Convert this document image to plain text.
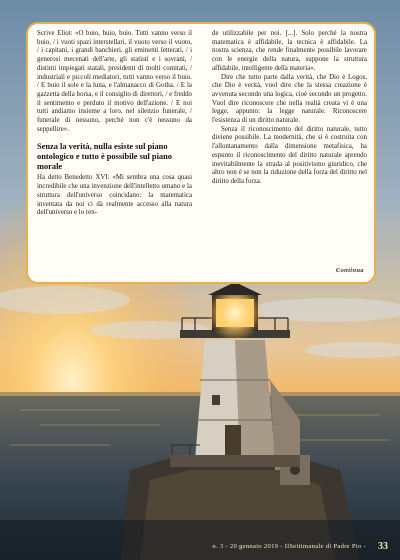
Scrive Eliot: «O buio, buio, buio. Tutti vanno verso il buio, / i vuoti spazi interstellari, il vuoto verso il vuoto, / i capitani, i grandi banchieri, gli eminenti letterati, / i generosi mecenati dell'arte, gli statisti e i sovrani, / distinti impiegati statali, presidenti di molti comitati, / industriali e piccoli mediatori, tutti vanno verso il buio. / E buio il sole e la luna, e l'almanacco di Gotha. / E la gazzetta della borsa, e il consiglio di direttori, / e freddo il sentimento e perduto il motivo dell'azione. / E noi tutti andiamo insieme a loro, nel silenzio funerale, / funerale di nessuno, perché non c'è nessuno da seppellire».

Senza la verità, nulla esiste sul piano ontologico e tutto è possibile sul piano morale

Ha detto Benedetto XVI: «Mi sembra una cosa quasi incredibile che una invenzione dell'intelletto umano e la struttura dell'universo coincidano: la matematica inventata da noi ci dà realmente accesso alla natura dell'universo e lo ren-

de utilizzabile per noi. [...]. Solo perché la nostra matematica è affidabile, la tecnica è affidabile. La nostra scienza, che rende finalmente possibile lavorare con le energie della natura, suppone la struttura affidabile, intelligente della materia».

Dire che tutto parte dalla verità, che Dio è Logos, che Dio è verità, vuol dire che la stessa creazione è avvenuta secondo una logica, cioè secondo un progetto. Vuol dire riconoscere che nella realtà creata vi è una legge, appunto: la legge naturale. Riconoscere l'esistenza di un diritto naturale.

Senza il riconoscimento del diritto naturale, tutto diviene possibile. La modernità, che si è costruita con l'allontanamento dalla dimensione metafisica, ha espunto il riconoscimento del diritto naturale aprendo inevitabilmente la strada al positivismo giuridico, che altro non è se non la riduzione della forza del diritto nel diritto della forza.

Continua
n. 3 - 20 gennaio 2019 - IlSettimanale di Padre Pio - 33
